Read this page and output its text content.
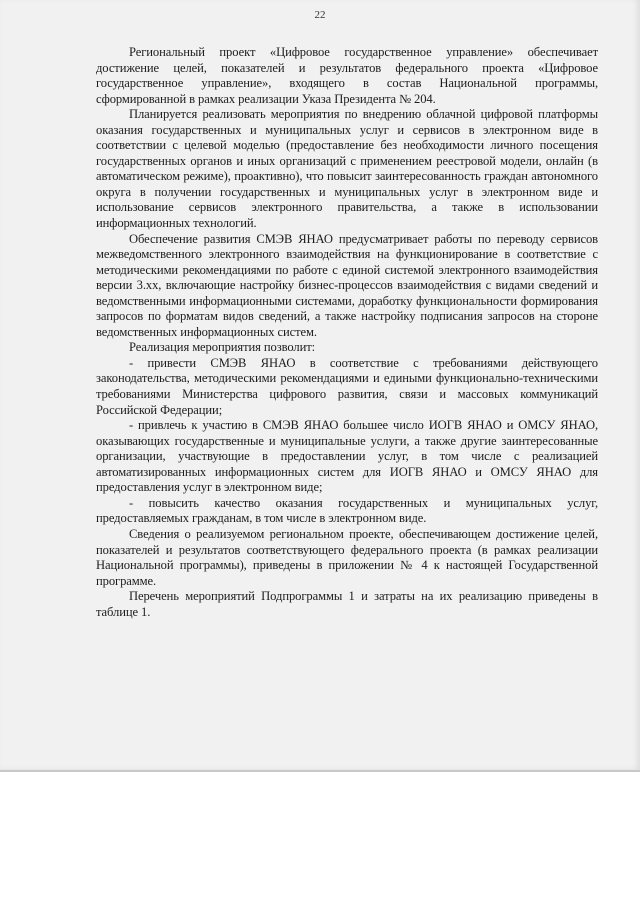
22

Региональный проект «Цифровое государственное управление» обеспечивает достижение целей, показателей и результатов федерального проекта «Цифровое государственное управление», входящего в состав Национальной программы, сформированной в рамках реализации Указа Президента № 204.

Планируется реализовать мероприятия по внедрению облачной цифровой платформы оказания государственных и муниципальных услуг и сервисов в электронном виде в соответствии с целевой моделью (предоставление без необходимости личного посещения государственных органов и иных организаций с применением реестровой модели, онлайн (в автоматическом режиме), проактивно), что повысит заинтересованность граждан автономного округа в получении государственных и муниципальных услуг в электронном виде и использование сервисов электронного правительства, а также в использовании информационных технологий.

Обеспечение развития СМЭВ ЯНАО предусматривает работы по переводу сервисов межведомственного электронного взаимодействия на функционирование в соответствие с методическими рекомендациями по работе с единой системой электронного взаимодействия версии 3.xx, включающие настройку бизнес-процессов взаимодействия с видами сведений и ведомственными информационными системами, доработку функциональности формирования запросов по форматам видов сведений, а также настройку подписания запросов на стороне ведомственных информационных систем.

Реализация мероприятия позволит:

- привести СМЭВ ЯНАО в соответствие с требованиями действующего законодательства, методическими рекомендациями и едиными функционально-техническими требованиями Министерства цифрового развития, связи и массовых коммуникаций Российской Федерации;

- привлечь к участию в СМЭВ ЯНАО большее число ИОГВ ЯНАО и ОМСУ ЯНАО, оказывающих государственные и муниципальные услуги, а также другие заинтересованные организации, участвующие в предоставлении услуг, в том числе с реализацией автоматизированных информационных систем для ИОГВ ЯНАО и ОМСУ ЯНАО для предоставления услуг в электронном виде;

- повысить качество оказания государственных и муниципальных услуг, предоставляемых гражданам, в том числе в электронном виде.

Сведения о реализуемом региональном проекте, обеспечивающем достижение целей, показателей и результатов соответствующего федерального проекта (в рамках реализации Национальной программы), приведены в приложении № 4 к настоящей Государственной программе.

Перечень мероприятий Подпрограммы 1 и затраты на их реализацию приведены в таблице 1.
